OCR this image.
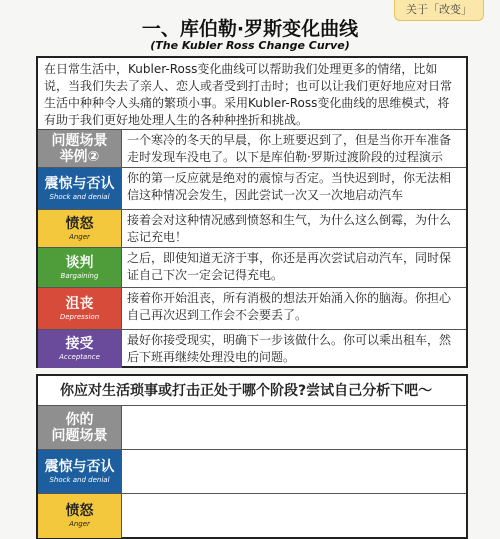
关于「改变」
一、库伯勒·罗斯变化曲线
(The Kubler Ross Change Curve)
在日常生活中，Kubler-Ross变化曲线可以帮助我们处理更多的情绪，比如说，当我们失去了亲人、恋人或者受到打击时；也可以让我们更好地应对日常生活中种种令人头痛的繁琐小事。采用Kubler-Ross变化曲线的思维模式，将有助于我们更好地处理人生的各种种挫折和挑战。
问题场景
举例②
一个寒冷的冬天的早晨，你上班要迟到了，但是当你开车准备走时发现车没电了。以下是库伯勒·罗斯过渡阶段的过程演示
震惊与否认
Shock and denial
你的第一反应就是绝对的震惊与否定。当快迟到时，你无法相信这种情况会发生，因此尝试一次又一次地启动汽车
愤怒
Anger
接着会对这种情况感到愤怒和生气，为什么这么倒霉，为什么忘记充电！
谈判
Bargaining
之后，即使知道无济于事，你还是再次尝试启动汽车，同时保证自己下次一定会记得充电。
沮丧
Depression
接着你开始沮丧，所有消极的想法开始涌入你的脑海。你担心自己再次迟到工作会不会要丢了。
接受
Acceptance
最好你接受现实，明确下一步该做什么。你可以乘出租车，然后下班再继续处理没电的问题。
你应对生活琐事或打击正处于哪个阶段?尝试自己分析下吧～
你的
问题场景
震惊与否认
Shock and denial
愤怒
Anger
